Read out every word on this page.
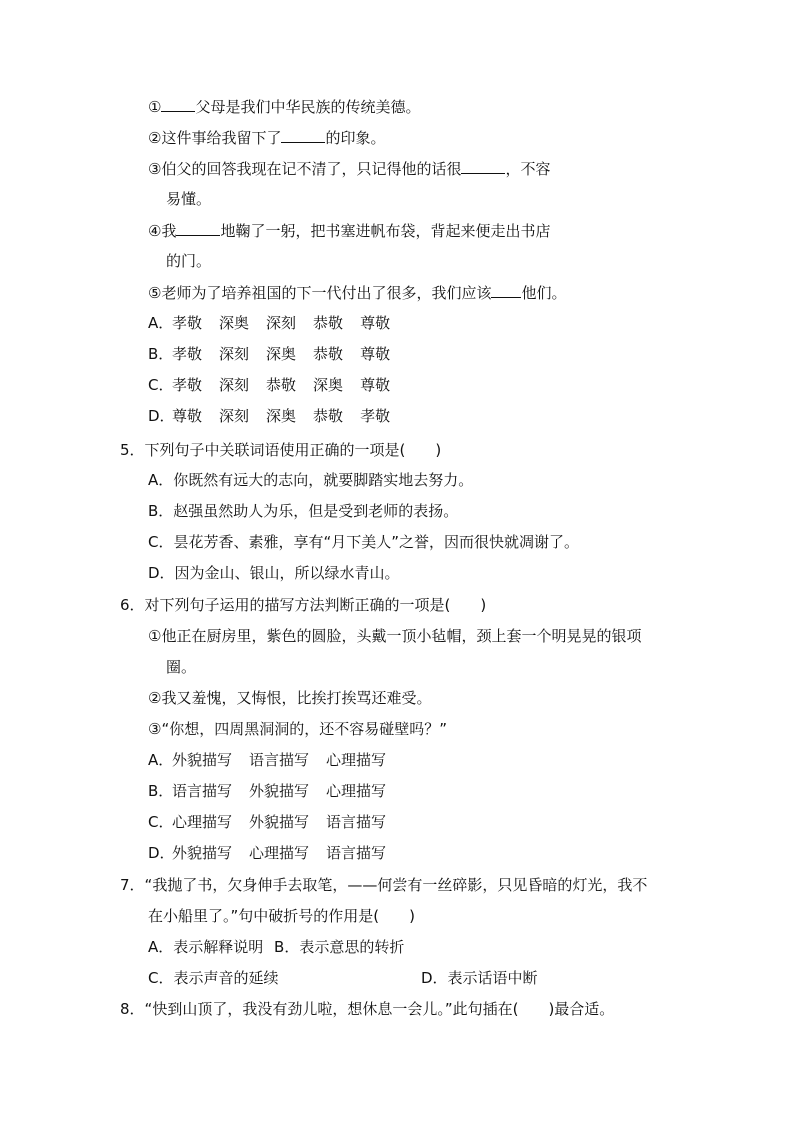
① 父母是我们中华民族的传统美德。
②这件事给我留下了	的印象。
③伯父的回答我现在记不清了，只记得他的话很	，不容
易懂。
④我	地鞠了一躬，把书塞进帆布袋，背起来便走出书店
的门。
⑤老师为了培养祖国的下一代付出了很多，我们应该 他们。
A．孝敬 深奥 深刻 恭敬 尊敬
B．孝敬 深刻 深奥 恭敬 尊敬
C．孝敬 深刻 恭敬 深奥 尊敬
D．尊敬 深刻 深奥 恭敬 孝敬
5．下列句子中关联词语使用正确的一项是(　　)
A．你既然有远大的志向，就要脚踏实地去努力。
B．赵强虽然助人为乐，但是受到老师的表扬。
C．昙花芳香、素雅，享有“月下美人”之誉，因而很快就凋谢了。
D．因为金山、银山，所以绿水青山。
6．对下列句子运用的描写方法判断正确的一项是(　　)
①他正在厨房里，紫色的圆脸，头戴一顶小毡帽，颈上套一个明晃晃的银项
圈。
②我又羞愧，又悔恨，比挨打挨骂还难受。
③“你想，四周黑洞洞的，还不容易碰壁吗？”
A．外貌描写 语言描写 心理描写
B．语言描写 外貌描写 心理描写
C．心理描写 外貌描写 语言描写
D．外貌描写 心理描写 语言描写
7．“我抛了书，欠身伸手去取笔，——何尝有一丝碎影，只见昏暗的灯光，我不
在小船里了。”句中破折号的作用是(　　)
A．表示解释说明 B．表示意思的转折
C．表示声音的延续	D．表示话语中断
8．“快到山顶了，我没有劲儿啦，想休息一会儿。”此句插在(　　)最合适。
